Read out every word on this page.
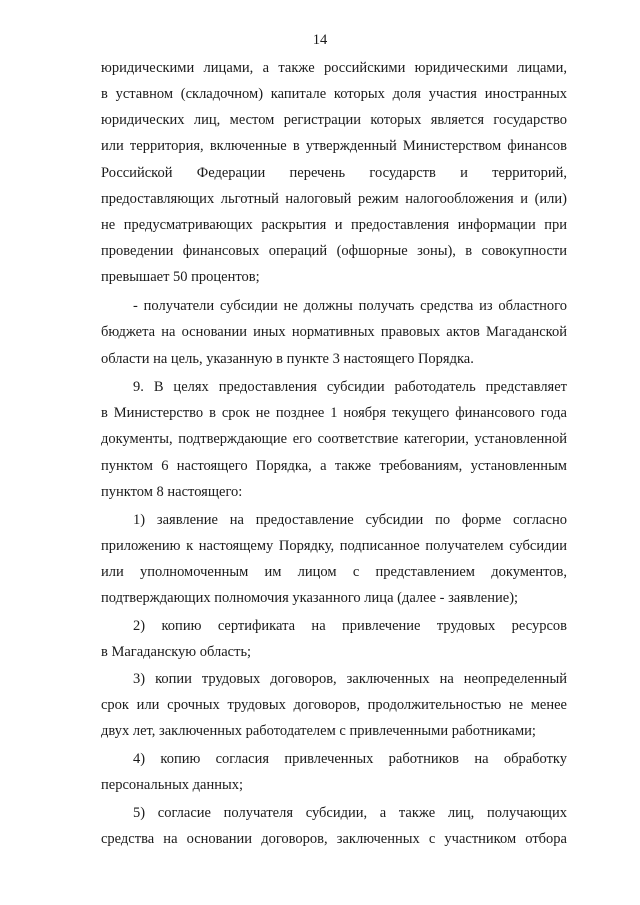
14
юридическими лицами, а также российскими юридическими лицами,
в уставном (складочном) капитале которых доля участия иностранных
юридических лиц, местом регистрации которых является государство
или территория, включенные в утвержденный Министерством финансов
Российской Федерации перечень государств и территорий,
предоставляющих льготный налоговый режим налогообложения и (или)
не предусматривающих раскрытия и предоставления информации при
проведении финансовых операций (офшорные зоны), в совокупности
превышает 50 процентов;
- получатели субсидии не должны получать средства из областного
бюджета на основании иных нормативных правовых актов Магаданской
области на цель, указанную в пункте 3 настоящего Порядка.
9. В целях предоставления субсидии работодатель представляет
в Министерство в срок не позднее 1 ноября текущего финансового года
документы, подтверждающие его соответствие категории, установленной
пунктом 6 настоящего Порядка, а также требованиям, установленным
пунктом 8 настоящего:
1) заявление на предоставление субсидии по форме согласно
приложению к настоящему Порядку, подписанное получателем субсидии
или уполномоченным им лицом с представлением документов,
подтверждающих полномочия указанного лица (далее - заявление);
2) копию сертификата на привлечение трудовых ресурсов
в Магаданскую область;
3) копии трудовых договоров, заключенных на неопределенный
срок или срочных трудовых договоров, продолжительностью не менее
двух лет, заключенных работодателем с привлеченными работниками;
4) копию согласия привлеченных работников на обработку
персональных данных;
5) согласие получателя субсидии, а также лиц, получающих
средства на основании договоров, заключенных с участником отбора
